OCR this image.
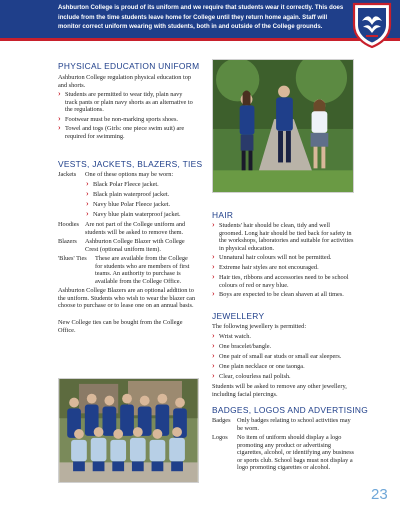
Ashburton College is proud of its uniform and we require that students wear it correctly. This does include from the time students leave home for College until they return home again. Staff will monitor correct uniform wearing with students, both in and outside of the College grounds.
PHYSICAL EDUCATION UNIFORM
Ashburton College regulation physical education top and shorts.
› Students are permitted to wear tidy, plain navy track pants or plain navy shorts as an alternative to the regulations.
› Footwear must be non-marking sports shoes.
› Towel and togs (Girls: one piece swim suit) are required for swimming.
VESTS, JACKETS, BLAZERS, TIES
Jackets One of these options may be worn:
› Black Polar Fleece jacket.
› Black plain waterproof jacket.
› Navy blue Polar Fleece jacket.
› Navy blue plain waterproof jacket.
Hoodies Are not part of the College uniform and students will be asked to remove them.
Blazers Ashburton College Blazer with College Crest (optional uniform item).
'Blues' Ties These are available from the College for students who are members of first teams. An authority to purchase is available from the College Office.
Ashburton College Blazers are an optional addition to the uniform. Students who wish to wear the blazer can choose to purchase or to lease one on an annual basis.
New College ties can be bought from the College Office.
HAIR
› Students' hair should be clean, tidy and well groomed. Long hair should be tied back for safety in the workshops, laboratories and suitable for activities in physical education.
› Unnatural hair colours will not be permitted.
› Extreme hair styles are not encouraged.
› Hair ties, ribbons and accessories need to be school colours of red or navy blue.
› Boys are expected to be clean shaven at all times.
JEWELLERY
The following jewellery is permitted:
› Wrist watch.
› One bracelet/bangle.
› One pair of small ear studs or small ear sleepers.
› One plain necklace or one taonga.
› Clear, colourless nail polish.
Students will be asked to remove any other jewellery, including facial piercings.
BADGES, LOGOS AND ADVERTISING
Badges Only badges relating to school activities may be worn.
Logos No item of uniform should display a logo promoting any product or advertising cigarettes, alcohol, or identifying any business or sports club. School bags must not display a logo promoting cigarettes or alcohol.
23
